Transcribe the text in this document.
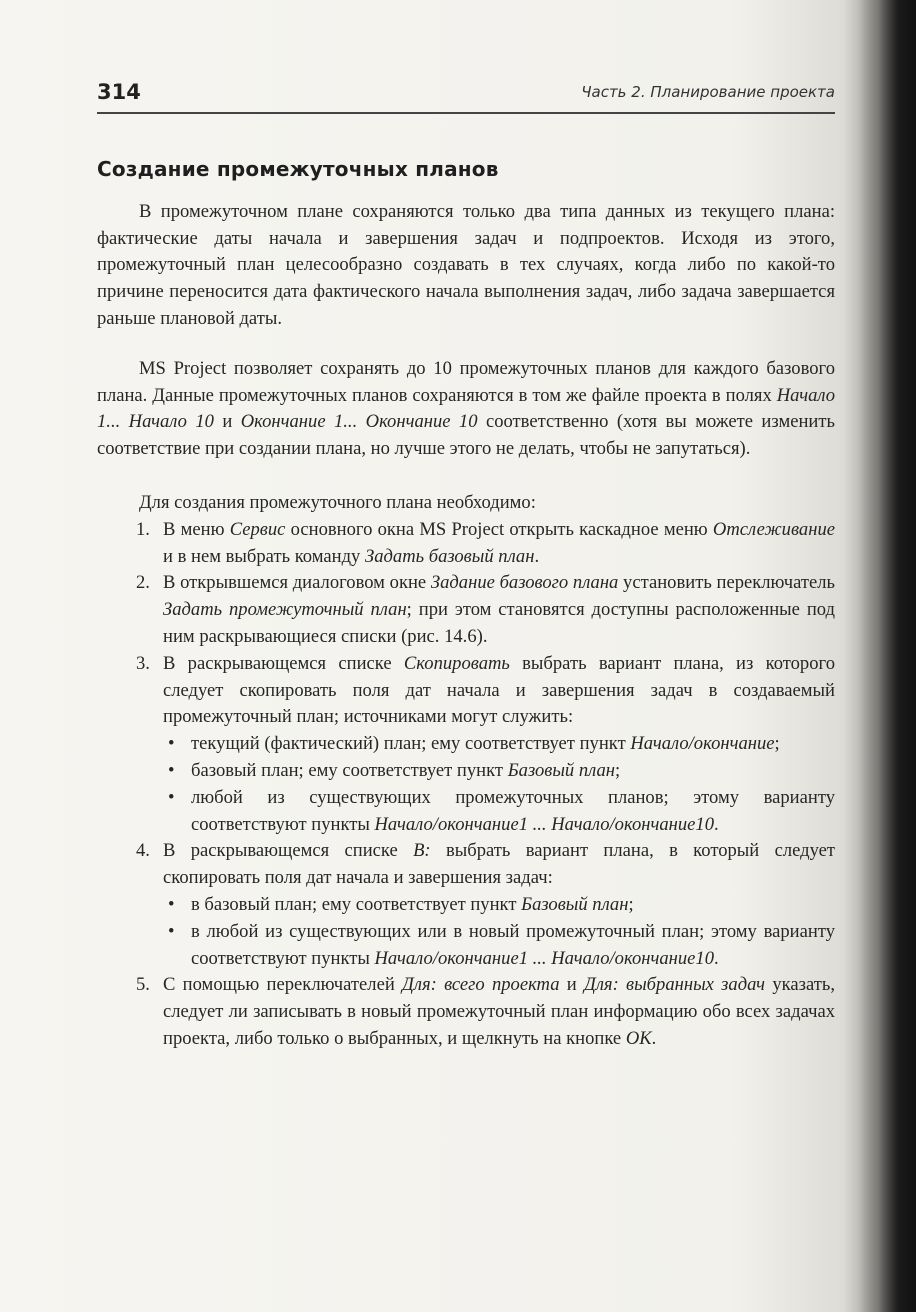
314	Часть 2. Планирование проекта
Создание промежуточных планов

В промежуточном плане сохраняются только два типа данных из текущего плана: фактические даты начала и завершения задач и подпроектов. Исходя из этого, промежуточный план целесообразно создавать в тех случаях, когда либо по какой-то причине переносится дата фактического начала выполнения задач, либо задача завершается раньше плановой даты.

MS Project позволяет сохранять до 10 промежуточных планов для каждого базового плана. Данные промежуточных планов сохраняются в том же файле проекта в полях Начало 1... Начало 10 и Окончание 1... Окончание 10 соответственно (хотя вы можете изменить соответствие при создании плана, но лучше этого не делать, чтобы не запутаться).

Для создания промежуточного плана необходимо:

1. В меню Сервис основного окна MS Project открыть каскадное меню Отслеживание и в нем выбрать команду Задать базовый план.
2. В открывшемся диалоговом окне Задание базового плана установить переключатель Задать промежуточный план; при этом становятся доступны расположенные под ним раскрывающиеся списки (рис. 14.6).
3. В раскрывающемся списке Скопировать выбрать вариант плана, из которого следует скопировать поля дат начала и завершения задач в создаваемый промежуточный план; источниками могут служить:
• текущий (фактический) план; ему соответствует пункт Начало/окончание;
• базовый план; ему соответствует пункт Базовый план;
• любой из существующих промежуточных планов; этому варианту соответствуют пункты Начало/окончание1 ... Начало/окончание10.
4. В раскрывающемся списке В: выбрать вариант плана, в который следует скопировать поля дат начала и завершения задач:
• в базовый план; ему соответствует пункт Базовый план;
• в любой из существующих или в новый промежуточный план; этому варианту соответствуют пункты Начало/окончание1 ... Начало/окончание10.
5. С помощью переключателей Для: всего проекта и Для: выбранных задач указать, следует ли записывать в новый промежуточный план информацию обо всех задачах проекта, либо только о выбранных, и щелкнуть на кнопке ОК.
